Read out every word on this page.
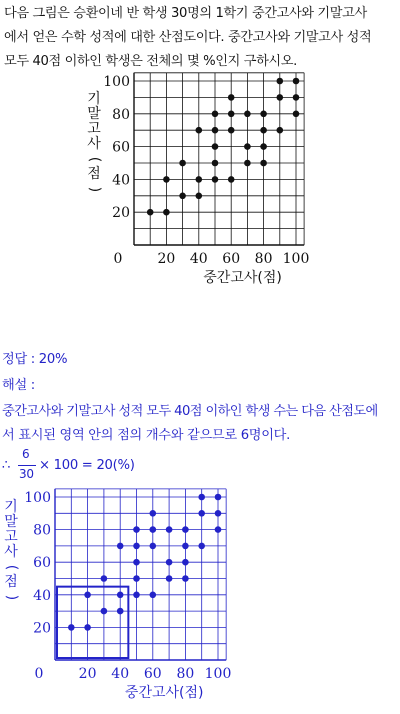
다음 그림은 승환이네 반 학생 30명의 1학기 중간고사와 기말고사
에서 얻은 수학 성적에 대한 산점도이다. 중간고사와 기말고사 성적
모두 40점 이하인 학생은 전체의 몇 %인지 구하시오.
기
말
고
사
(
점
)
20 40 60 80 100
20
40
60
80
100
0
중간고사(점)
정답 : 20%
해설 :
중간고사와 기말고사 성적 모두 40점 이하인 학생 수는 다음 산점도에
서 표시된 영역 안의 점의 개수와 같으므로 6명이다.
∴
6
30
× 100 = 20(%)
기
말
고
사
(
점
)
20 40 60 80 100
20
40
60
80
100
0
중간고사(점)
